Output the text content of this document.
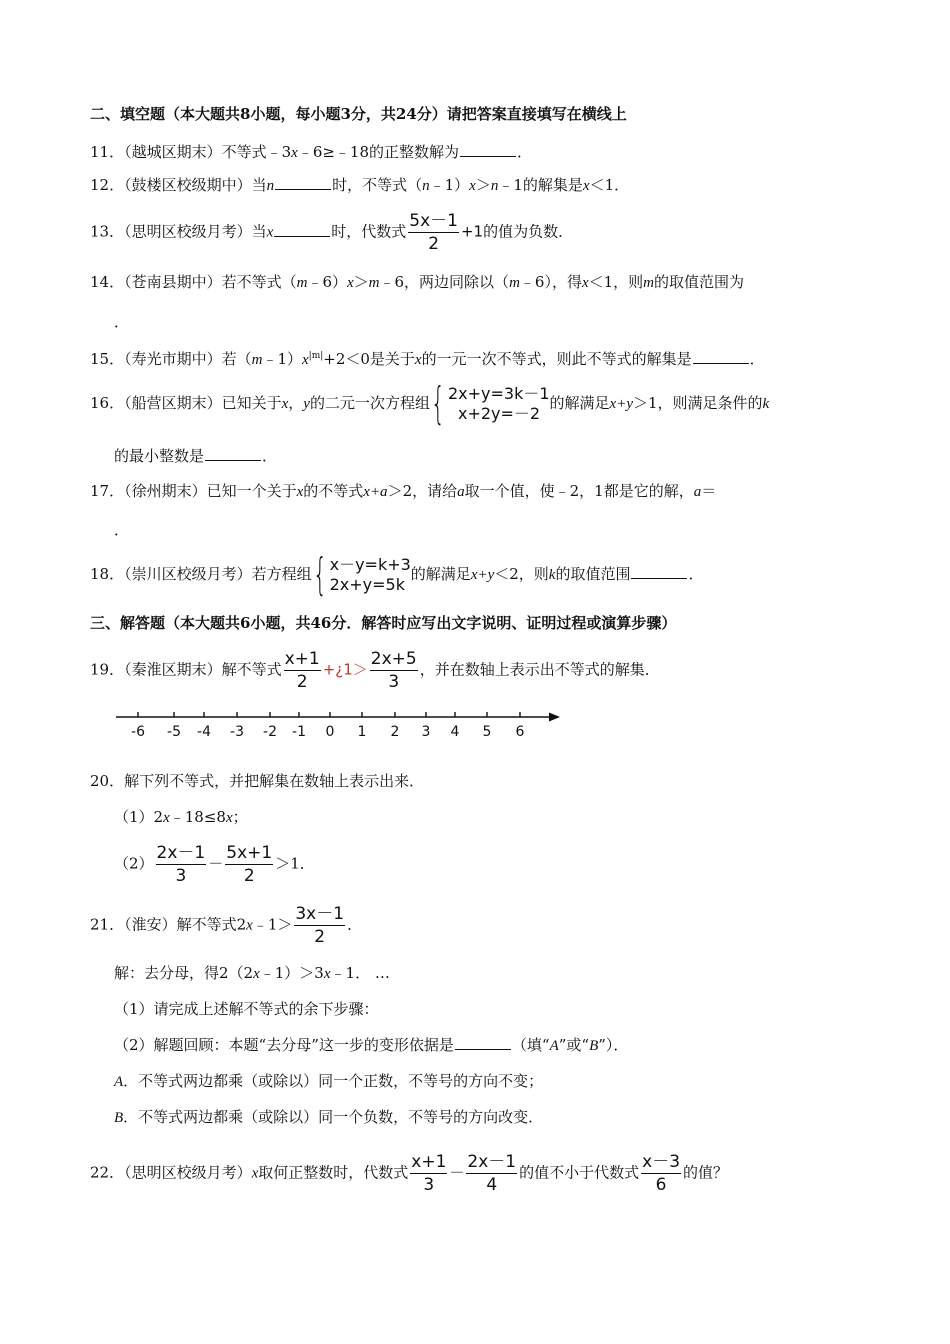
二、填空题（本大题共8小题，每小题3分，共24分）请把答案直接填写在横线上
11．（越城区期末）不等式﹣3x﹣6≥﹣18的正整数解为	．
12．（鼓楼区校级期中）当n	时，不等式（n﹣1）x＞n﹣1的解集是x＜1．
13．（思明区校级月考）当x	时，代数式 $\frac{5x-1}{2} +1$的值为负数．
14．（苍南县期中）若不等式（m﹣6）x＞m﹣6，两边同除以（m﹣6），得x＜1，则m的取值范围为
．
15．（寿光市期中）若$(m﹣1)x^{|m|}+2<0$是关于x的一元一次不等式，则此不等式的解集是	．
16．（船营区期末）已知关于x，y的二元一次方程组 { 2x+y=3k－1
x+2y=－2
的解满足x+y＞1，则满足条件的k
的最小整数是	．
17．（徐州期末）已知一个关于x的不等式x+a＞2，请给a取一个值，使﹣2，1都是它的解，a＝
．
18．（崇川区校级月考）若方程组 { x－y=k+3
2x+y=5k
的解满足x+y＜2，则k的取值范围	．
三、解答题（本大题共6小题，共46分．解答时应写出文字说明、证明过程或演算步骤）
19．（秦淮区期末）解不等式 $\frac{x+1}{2}$ +¿1＞ $\frac{2x+5}{3}$ ，并在数轴上表示出不等式的解集．
-6 -5 -4 -3 -2 -1 0 1 2 3 4 5 6
20．解下列不等式，并把解集在数轴上表示出来．
（1）2x﹣18≤8x；
$(2) \frac{2x-1}{3} - \frac{5x+1}{2} >1$．
21．（淮安）解不等式2x﹣1＞ $\frac{3x-1}{2}$ ．
解：去分母，得2（2x﹣1）＞3x﹣1． …
（1）请完成上述解不等式的余下步骤：
（2）解题回顾：本题“去分母”这一步的变形依据是	（填“A”或“B”）．
A．不等式两边都乘（或除以）同一个正数，不等号的方向不变；
B．不等式两边都乘（或除以）同一个负数，不等号的方向改变．
22．（思明区校级月考）x取何正整数时，代数式 $\frac{x+1}{3} - \frac{2x-1}{4}$ 的值不小于代数式 $\frac{x-3}{6}$ 的值？
